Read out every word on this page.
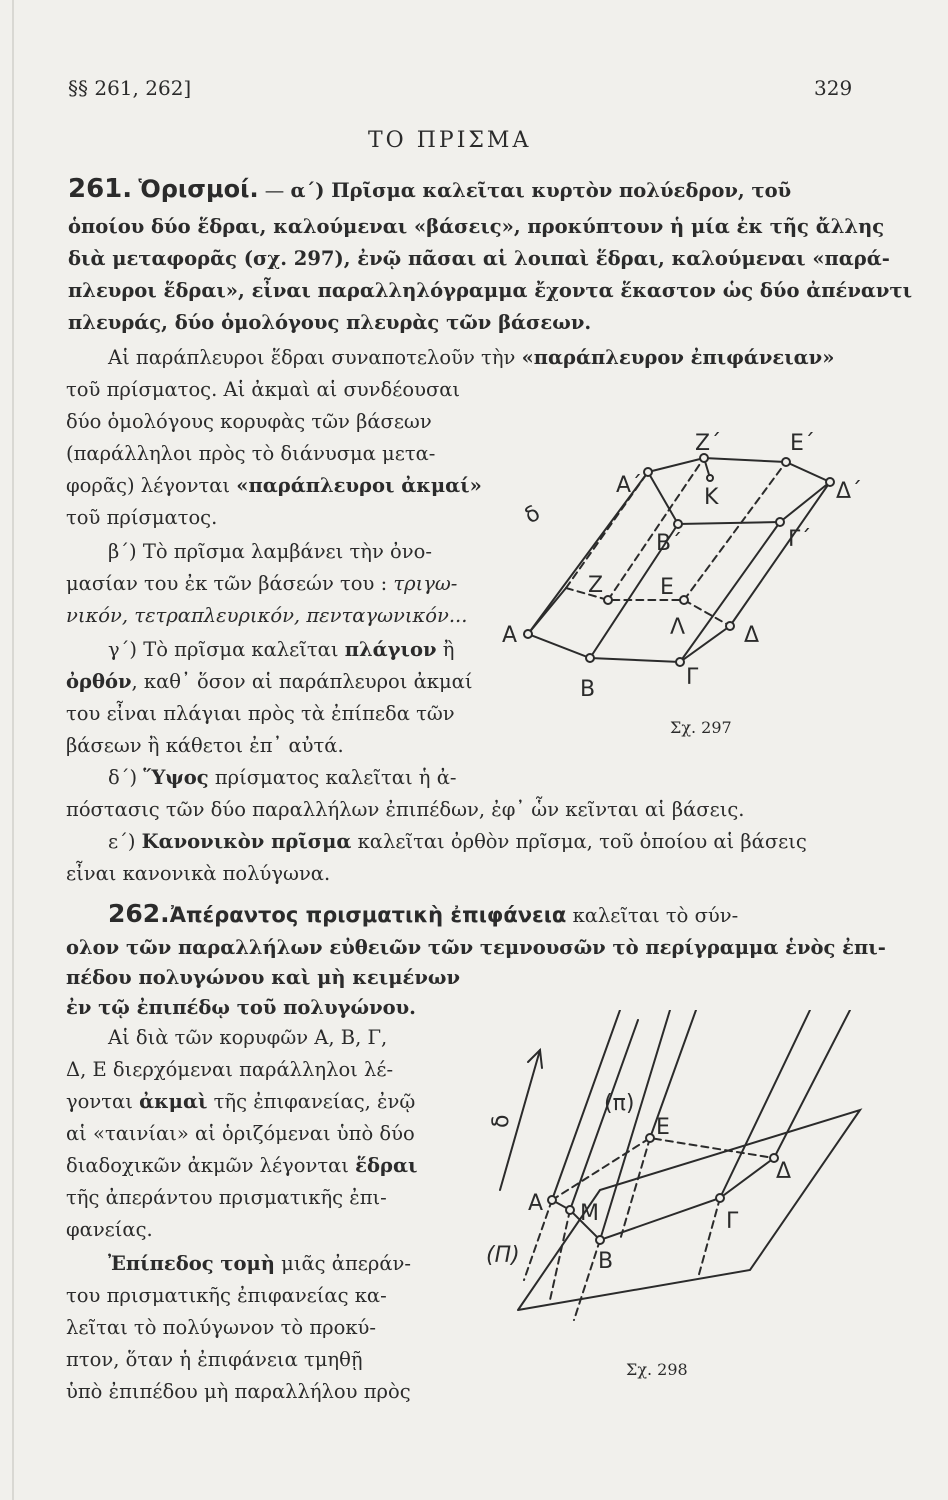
§§ 261, 262]	329
ΤΟ ΠΡΙΣΜΑ
261. Ὁρισμοί. — α΄) Πρῖσμα καλεῖται κυρτὸν πολύεδρον, τοῦ
ὁποίου δύο ἕδραι, καλούμεναι «βάσεις», προκύπτουν ἡ μία ἐκ τῆς ἄλλης
διὰ μεταφορᾶς (σχ. 297), ἐνῷ πᾶσαι αἱ λοιπαὶ ἕδραι, καλούμεναι «παρά-
πλευροι ἕδραι», εἶναι παραλληλόγραμμα ἔχοντα ἕκαστον ὡς δύο ἀπέναντι
πλευράς, δύο ὁμολόγους πλευρὰς τῶν βάσεων.
Αἱ παράπλευροι ἕδραι συναποτελοῦν τὴν «παράπλευρον ἐπιφάνειαν»
τοῦ πρίσματος. Αἱ ἀκμαὶ αἱ συνδέουσαι
δύο ὁμολόγους κορυφὰς τῶν βάσεων
(παράλληλοι πρὸς τὸ διάνυσμα μετα-
φορᾶς) λέγονται «παράπλευροι ἀκμαί»
τοῦ πρίσματος.
β΄) Τὸ πρῖσμα λαμβάνει τὴν ὀνο-
μασίαν του ἐκ τῶν βάσεών του : τριγω-
νικόν, τετραπλευρικόν, πενταγωνικόν...
γ΄) Τὸ πρῖσμα καλεῖται πλάγιον ἢ
ὀρθόν, καθ᾽ ὅσον αἱ παράπλευροι ἀκμαί
του εἶναι πλάγιαι πρὸς τὰ ἐπίπεδα τῶν
βάσεων ἢ κάθετοι ἐπ᾽ αὐτά.
δ΄) Ὕψος πρίσματος καλεῖται ἡ ἀ-
πόστασις τῶν δύο παραλλήλων ἐπιπέδων, ἐφ᾽ ὧν κεῖνται αἱ βάσεις.
ε΄) Κανονικὸν πρῖσμα καλεῖται ὀρθὸν πρῖσμα, τοῦ ὁποίου αἱ βάσεις
εἶναι κανονικὰ πολύγωνα.
262.Ἀπέραντος πρισματικὴ ἐπιφάνεια καλεῖται τὸ σύν-
ολον τῶν παραλλήλων εὐθειῶν τῶν τεμνουσῶν τὸ περίγραμμα ἑνὸς ἐπι-
πέδου πολυγώνου καὶ μὴ κειμένων
ἐν τῷ ἐπιπέδῳ τοῦ πολυγώνου.
Αἱ διὰ τῶν κορυφῶν Α, Β, Γ,
Δ, Ε διερχόμεναι παράλληλοι λέ-
γονται ἀκμαὶ τῆς ἐπιφανείας, ἐνῷ
αἱ «ταινίαι» αἱ ὁριζόμεναι ὑπὸ δύο
διαδοχικῶν ἀκμῶν λέγονται ἕδραι
τῆς ἀπεράντου πρισματικῆς ἐπι-
φανείας.
Ἐπίπεδος τομὴ μιᾶς ἀπεράν-
του πρισματικῆς ἐπιφανείας κα-
λεῖται τὸ πολύγωνον τὸ προκύ-
πτον, ὅταν ἡ ἐπιφάνεια τμηθῇ
ὑπὸ ἐπιπέδου μὴ παραλλήλου πρὸς
Z΄	E΄
Δ΄
A΄	K
B΄	Γ΄
δ
Z	E
A	Λ	Δ
B	Γ
Σχ. 297
δ
(π)
E
Δ
A M	Γ
(Π)	B
Σχ. 298
